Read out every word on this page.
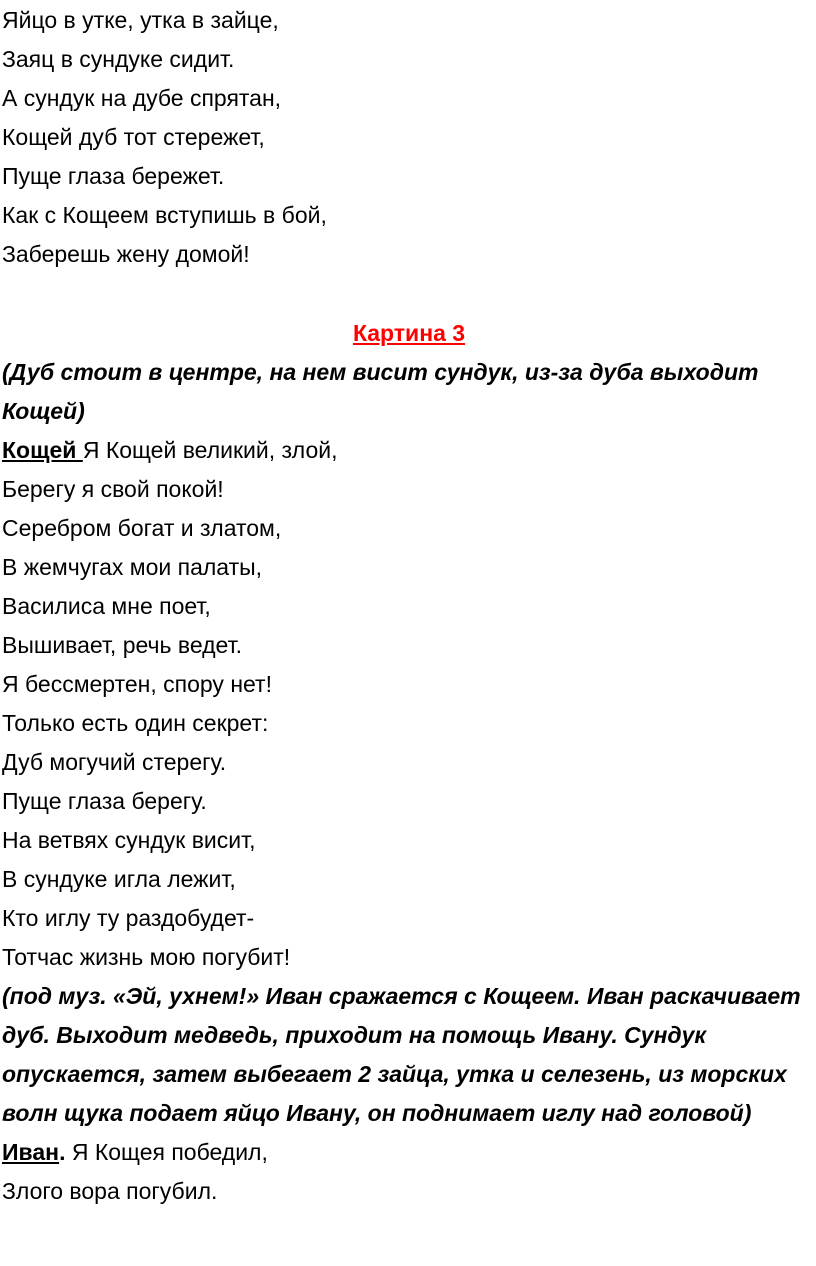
Яйцо в утке, утка в зайце,

Заяц в сундуке сидит.

А сундук на дубе спрятан,

Кощей дуб тот стережет,

Пуще глаза бережет.

Как с Кощеем вступишь в бой,

Заберешь жену домой!

Картина 3

(Дуб стоит в центре, на нем висит сундук, из-за дуба выходит Кощей)

Кощей Я Кощей великий, злой,

Берегу я свой покой!

Серебром богат и златом,

В жемчугах мои палаты,

Василиса мне поет,

Вышивает, речь ведет.

Я бессмертен, спору нет!

Только есть один секрет:

Дуб могучий стерегу.

Пуще глаза берегу.

На ветвях сундук висит,

В сундуке игла лежит,

Кто иглу ту раздобудет-

Тотчас жизнь мою погубит!

(под муз. «Эй, ухнем!» Иван сражается с Кощеем. Иван раскачивает дуб. Выходит медведь, приходит на помощь Ивану. Сундук опускается, затем выбегает 2 зайца, утка и селезень, из морских волн щука подает яйцо Ивану, он поднимает иглу над головой)

Иван. Я Кощея победил,

Злого вора погубил.
